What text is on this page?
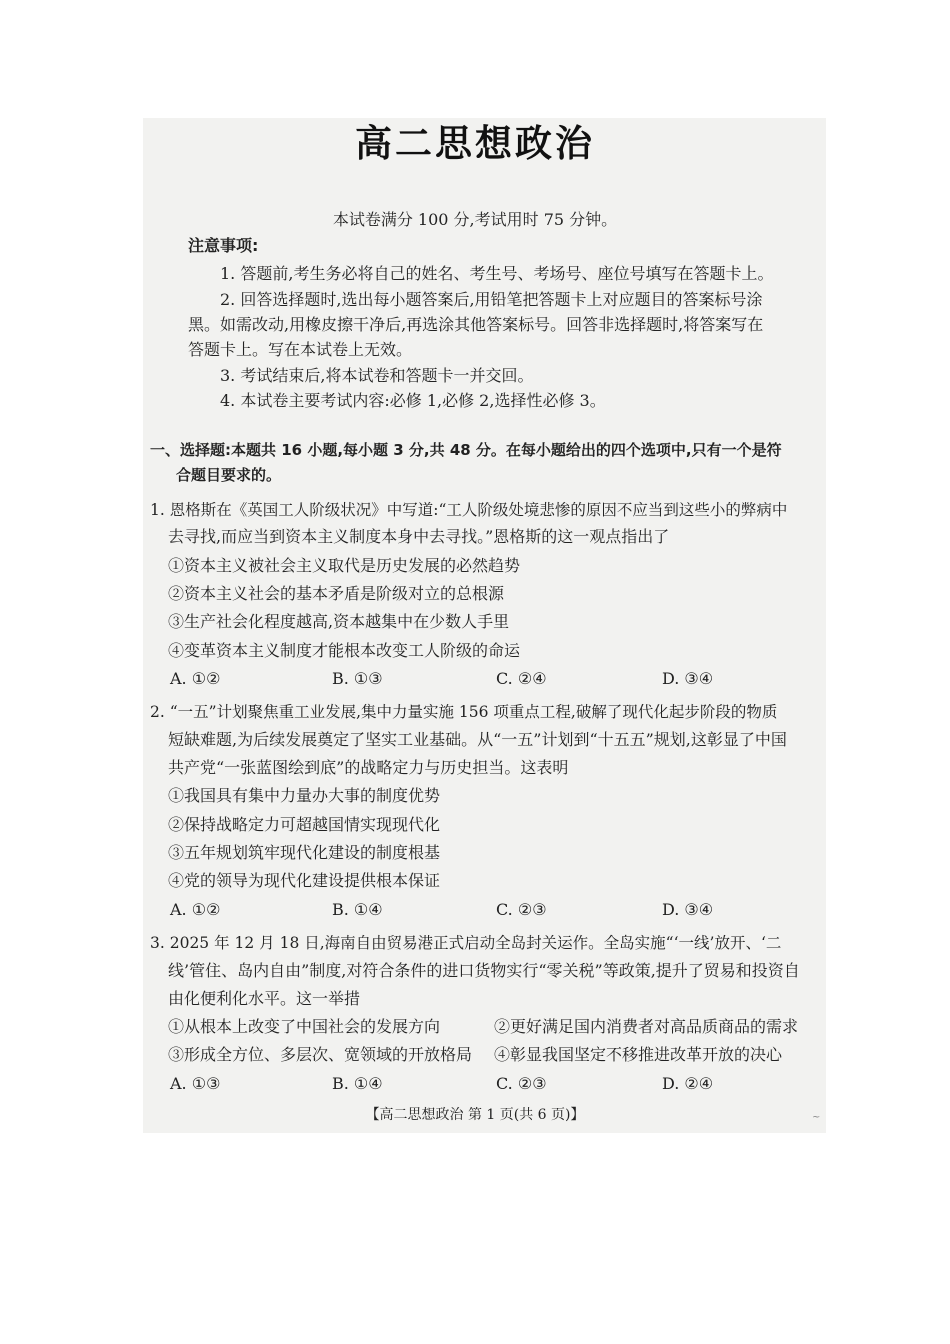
高二思想政治
本试卷满分 100 分,考试用时 75 分钟。
注意事项:
1. 答题前,考生务必将自己的姓名、考生号、考场号、座位号填写在答题卡上。
2. 回答选择题时,选出每小题答案后,用铅笔把答题卡上对应题目的答案标号涂
黑。如需改动,用橡皮擦干净后,再选涂其他答案标号。回答非选择题时,将答案写在
答题卡上。写在本试卷上无效。
3. 考试结束后,将本试卷和答题卡一并交回。
4. 本试卷主要考试内容:必修 1,必修 2,选择性必修 3。
一、选择题:本题共 16 小题,每小题 3 分,共 48 分。在每小题给出的四个选项中,只有一个是符
合题目要求的。
1. 恩格斯在《英国工人阶级状况》中写道:“工人阶级处境悲惨的原因不应当到这些小的弊病中
去寻找,而应当到资本主义制度本身中去寻找。”恩格斯的这一观点指出了
①资本主义被社会主义取代是历史发展的必然趋势
②资本主义社会的基本矛盾是阶级对立的总根源
③生产社会化程度越高,资本越集中在少数人手里
④变革资本主义制度才能根本改变工人阶级的命运
A. ①②	B. ①③	C. ②④	D. ③④
2. “一五”计划聚焦重工业发展,集中力量实施 156 项重点工程,破解了现代化起步阶段的物质
短缺难题,为后续发展奠定了坚实工业基础。从“一五”计划到“十五五”规划,这彰显了中国
共产党“一张蓝图绘到底”的战略定力与历史担当。这表明
①我国具有集中力量办大事的制度优势
②保持战略定力可超越国情实现现代化
③五年规划筑牢现代化建设的制度根基
④党的领导为现代化建设提供根本保证
A. ①②	B. ①④	C. ②③	D. ③④
3. 2025 年 12 月 18 日,海南自由贸易港正式启动全岛封关运作。全岛实施“‘一线’放开、‘二
线’管住、岛内自由”制度,对符合条件的进口货物实行“零关税”等政策,提升了贸易和投资自
由化便利化水平。这一举措
①从根本上改变了中国社会的发展方向	②更好满足国内消费者对高品质商品的需求
③形成全方位、多层次、宽领域的开放格局 ④彰显我国坚定不移推进改革开放的决心
A. ①③	B. ①④	C. ②③	D. ②④
【高二思想政治 第 1 页(共 6 页)】	~
